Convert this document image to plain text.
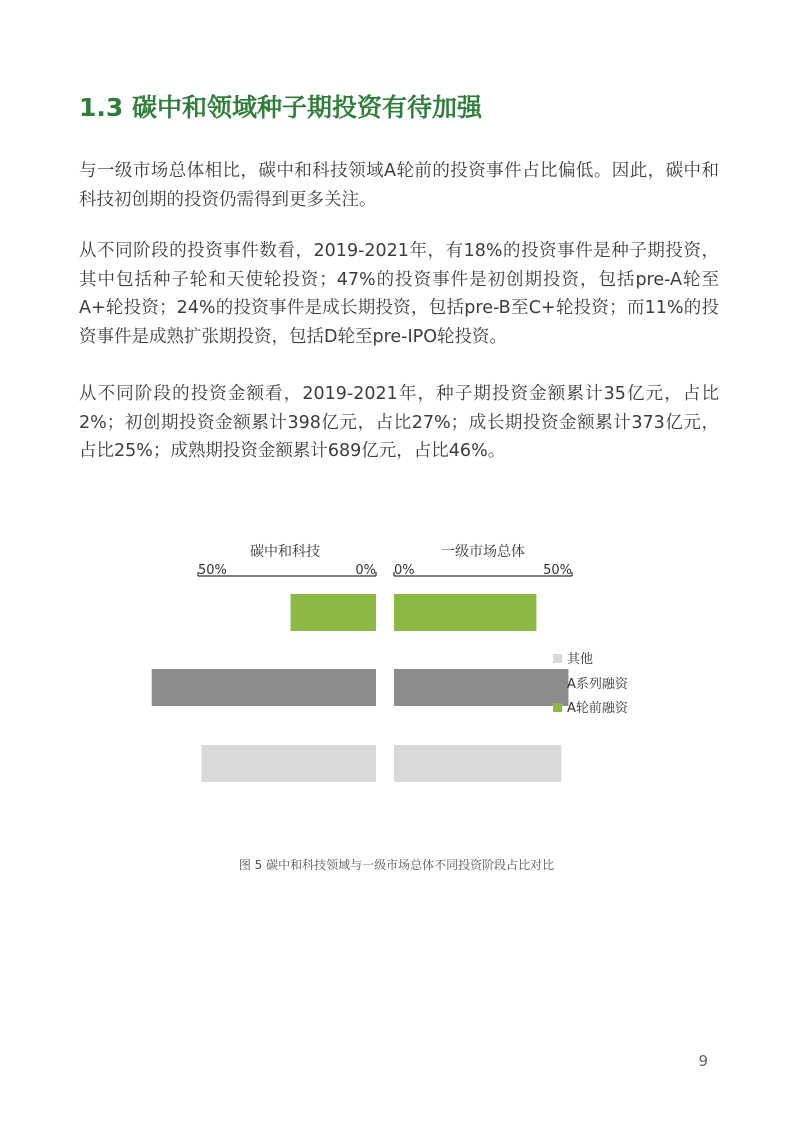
1.3 碳中和领域种子期投资有待加强

与一级市场总体相比，碳中和科技领域A轮前的投资事件占比偏低。因此，碳中和科技初创期的投资仍需得到更多关注。

从不同阶段的投资事件数看，2019-2021年，有18%的投资事件是种子期投资，其中包括种子轮和天使轮投资；47%的投资事件是初创期投资，包括pre-A轮至A+轮投资；24%的投资事件是成长期投资，包括pre-B至C+轮投资；而11%的投资事件是成熟扩张期投资，包括D轮至pre-IPO轮投资。

从不同阶段的投资金额看，2019-2021年，种子期投资金额累计35亿元，占比2%；初创期投资金额累计398亿元，占比27%；成长期投资金额累计373亿元，占比25%；成熟期投资金额累计689亿元，占比46%。

碳中和科技	一级市场总体
50%	0% 0%	50%
其他
A系列融资
A轮前融资
图 5 碳中和科技领域与一级市场总体不同投资阶段占比对比
9
